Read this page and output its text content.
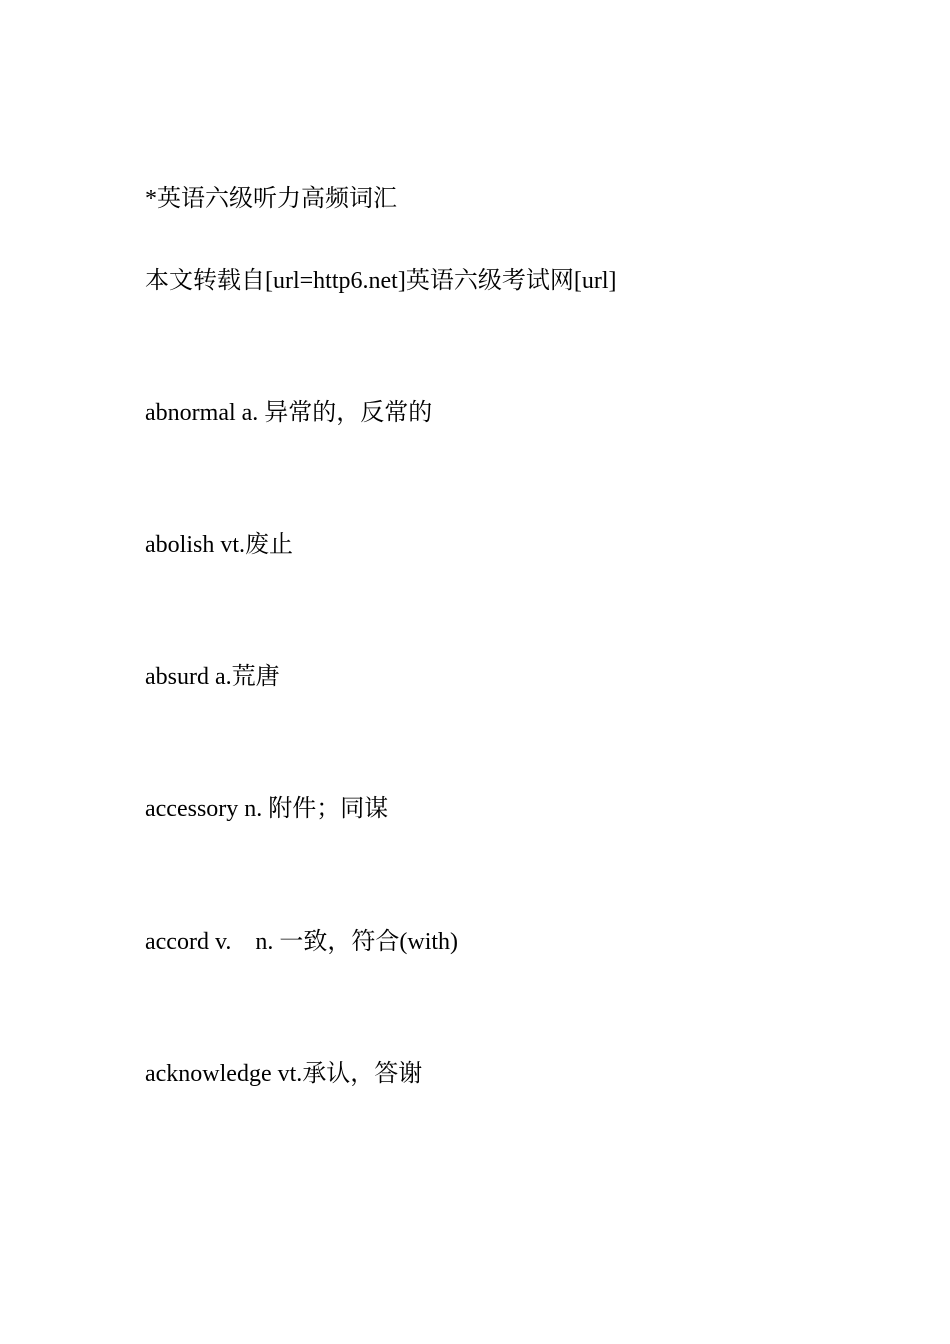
*英语六级听力高频词汇
本文转载自[url=http6.net]英语六级考试网[url]
abnormal a. 异常的，反常的
abolish vt.废止
absurd a.荒唐
accessory n. 附件；同谋
accord v.    n. 一致，符合(with)
acknowledge vt.承认，答谢
